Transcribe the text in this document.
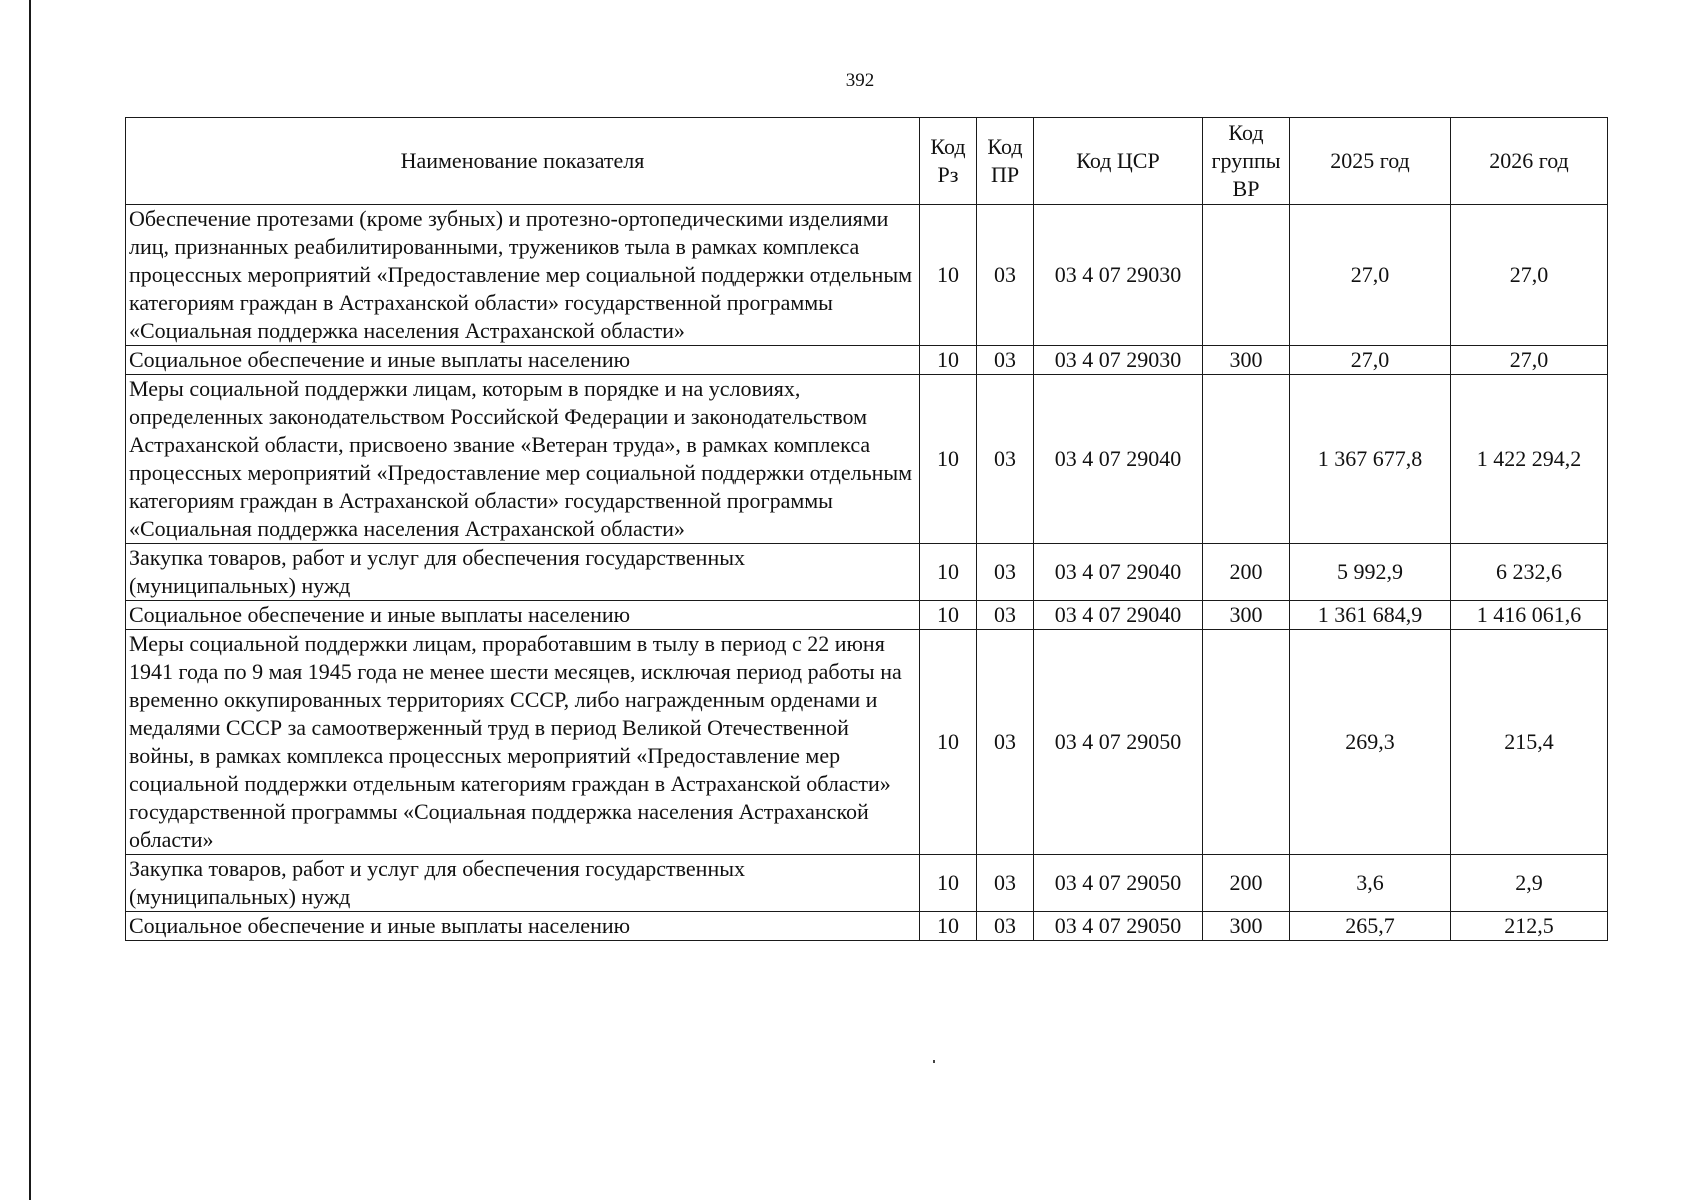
392
Наименование показателя	Код Рз	Код ПР	Код ЦСР	Код группы ВР	2025 год	2026 год
Обеспечение протезами (кроме зубных) и протезно-ортопедическими изделиями лиц, признанных реабилитированными, тружеников тыла в рамках комплекса процессных мероприятий «Предоставление мер социальной поддержки отдельным категориям граждан в Астраханской области» государственной программы «Социальная поддержка населения Астраханской области»	10	03	03 4 07 29030		27,0	27,0
Социальное обеспечение и иные выплаты населению	10	03	03 4 07 29030	300	27,0	27,0
Меры социальной поддержки лицам, которым в порядке и на условиях, определенных законодательством Российской Федерации и законодательством Астраханской области, присвоено звание «Ветеран труда», в рамках комплекса процессных мероприятий «Предоставление мер социальной поддержки отдельным категориям граждан в Астраханской области» государственной программы «Социальная поддержка населения Астраханской области»	10	03	03 4 07 29040		1 367 677,8	1 422 294,2
Закупка товаров, работ и услуг для обеспечения государственных (муниципальных) нужд	10	03	03 4 07 29040	200	5 992,9	6 232,6
Социальное обеспечение и иные выплаты населению	10	03	03 4 07 29040	300	1 361 684,9	1 416 061,6
Меры социальной поддержки лицам, проработавшим в тылу в период с 22 июня 1941 года по 9 мая 1945 года не менее шести месяцев, исключая период работы на временно оккупированных территориях СССР, либо награжденным орденами и медалями СССР за самоотверженный труд в период Великой Отечественной войны, в рамках комплекса процессных мероприятий «Предоставление мер социальной поддержки отдельным категориям граждан в Астраханской области» государственной программы «Социальная поддержка населения Астраханской области»	10	03	03 4 07 29050		269,3	215,4
Закупка товаров, работ и услуг для обеспечения государственных (муниципальных) нужд	10	03	03 4 07 29050	200	3,6	2,9
Социальное обеспечение и иные выплаты населению	10	03	03 4 07 29050	300	265,7	212,5
